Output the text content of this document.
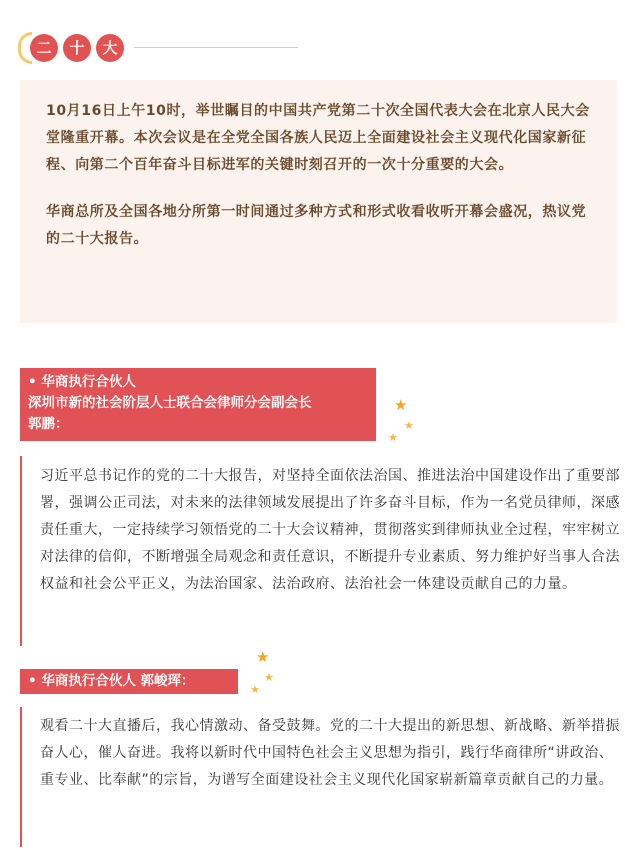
二	十	大

10月16日上午10时，举世瞩目的中国共产党第二十次全国代表大会在北京人民大会堂隆重开幕。本次会议是在全党全国各族人民迈上全面建设社会主义现代化国家新征程、向第二个百年奋斗目标进军的关键时刻召开的一次十分重要的大会。

华商总所及全国各地分所第一时间通过多种方式和形式收看收听开幕会盛况，热议党的二十大报告。

• 华商执行合伙人
深圳市新的社会阶层人士联合会律师分会副会长
郭鹏：
★
★
★

习近平总书记作的党的二十大报告，对坚持全面依法治国、推进法治中国建设作出了重要部署，强调公正司法，对未来的法律领域发展提出了许多奋斗目标，作为一名党员律师，深感责任重大，一定持续学习领悟党的二十大会议精神，贯彻落实到律师执业全过程，牢牢树立对法律的信仰，不断增强全局观念和责任意识，不断提升专业素质、努力维护好当事人合法权益和社会公平正义，为法治国家、法治政府、法治社会一体建设贡献自己的力量。

★
★
★
• 华商执行合伙人 郭峻珲：

观看二十大直播后，我心情激动、备受鼓舞。党的二十大提出的新思想、新战略、新举措振奋人心，催人奋进。我将以新时代中国特色社会主义思想为指引，践行华商律所“讲政治、重专业、比奉献”的宗旨，为谱写全面建设社会主义现代化国家崭新篇章贡献自己的力量。
